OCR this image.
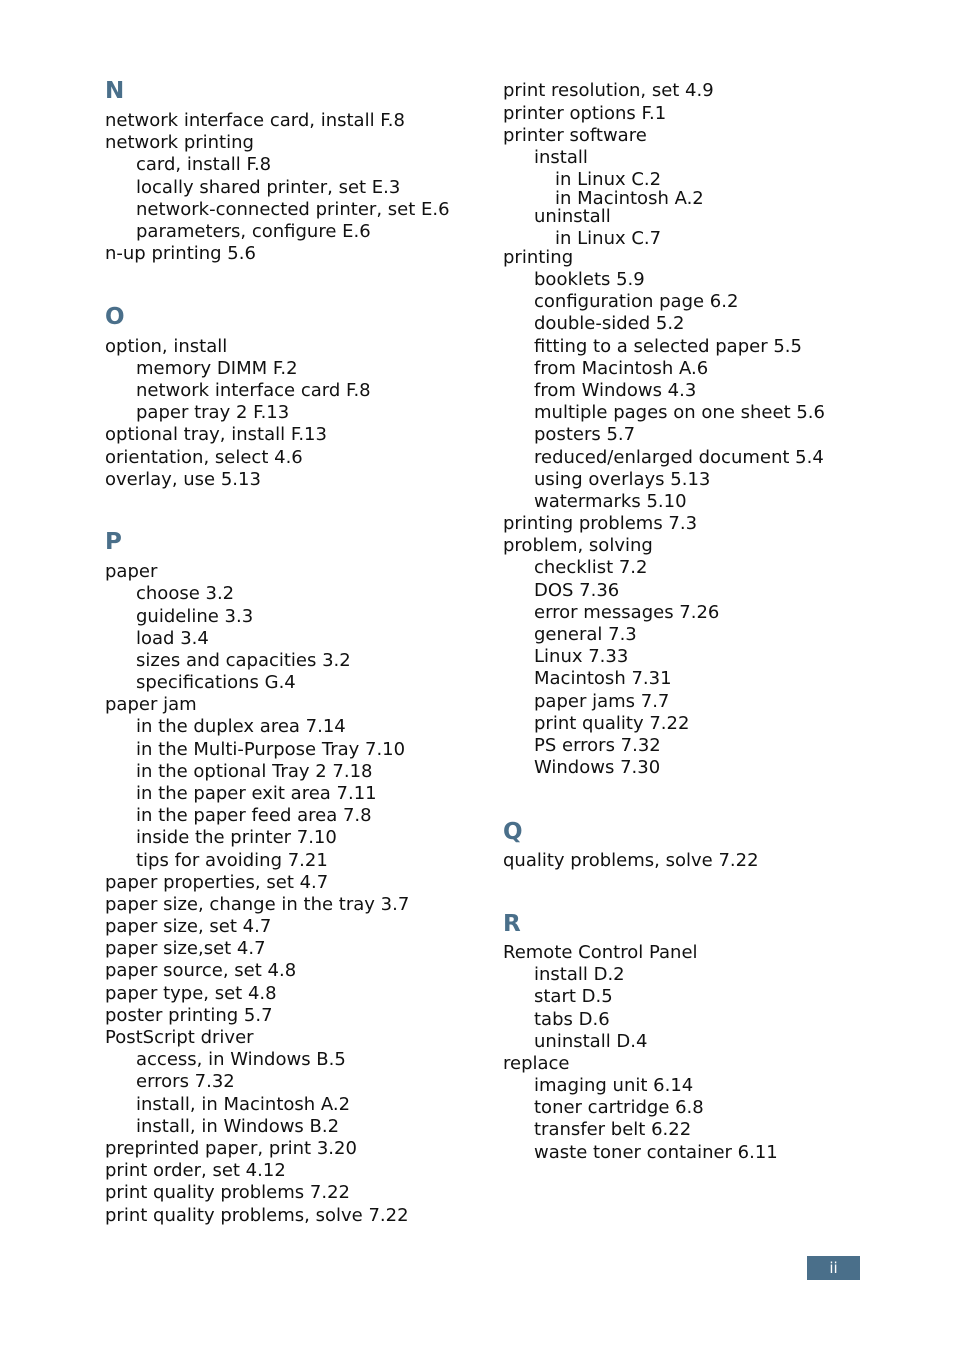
N
network interface card, install F.8
network printing
card, install F.8
locally shared printer, set E.3
network-connected printer, set E.6
parameters, configure E.6
n-up printing 5.6
O
option, install
memory DIMM F.2
network interface card F.8
paper tray 2 F.13
optional tray, install F.13
orientation, select 4.6
overlay, use 5.13
P
paper
choose 3.2
guideline 3.3
load 3.4
sizes and capacities 3.2
specifications G.4
paper jam
in the duplex area 7.14
in the Multi-Purpose Tray 7.10
in the optional Tray 2 7.18
in the paper exit area 7.11
in the paper feed area 7.8
inside the printer 7.10
tips for avoiding 7.21
paper properties, set 4.7
paper size, change in the tray 3.7
paper size, set 4.7
paper size,set 4.7
paper source, set 4.8
paper type, set 4.8
poster printing 5.7
PostScript driver
access, in Windows B.5
errors 7.32
install, in Macintosh A.2
install, in Windows B.2
preprinted paper, print 3.20
print order, set 4.12
print quality problems 7.22
print quality problems, solve 7.22
print resolution, set 4.9
printer options F.1
printer software
install
in Linux C.2
in Macintosh A.2
uninstall
in Linux C.7
printing
booklets 5.9
configuration page 6.2
double-sided 5.2
fitting to a selected paper 5.5
from Macintosh A.6
from Windows 4.3
multiple pages on one sheet 5.6
posters 5.7
reduced/enlarged document 5.4
using overlays 5.13
watermarks 5.10
printing problems 7.3
problem, solving
checklist 7.2
DOS 7.36
error messages 7.26
general 7.3
Linux 7.33
Macintosh 7.31
paper jams 7.7
print quality 7.22
PS errors 7.32
Windows 7.30
Q
quality problems, solve 7.22
R
Remote Control Panel
install D.2
start D.5
tabs D.6
uninstall D.4
replace
imaging unit 6.14
toner cartridge 6.8
transfer belt 6.22
waste toner container 6.11
ii
